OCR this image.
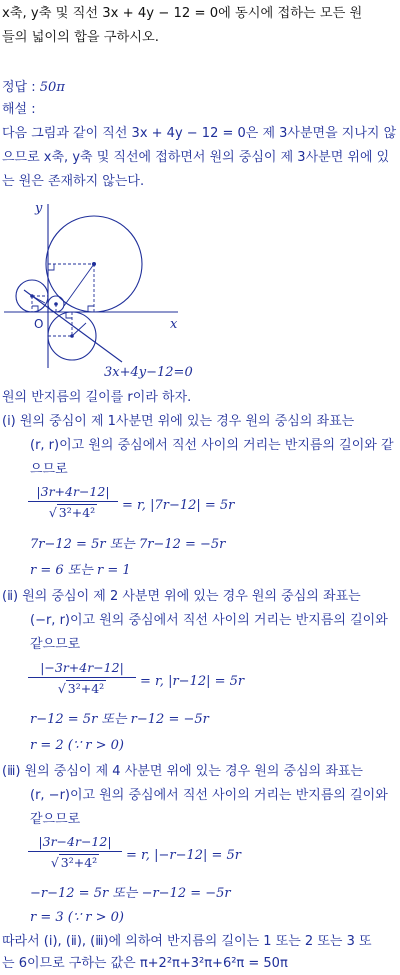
x축, y축 및 직선 3x + 4y − 12 = 0에 동시에 접하는 모든 원
들의 넓이의 합을 구하시오.
정답 : 50π
해설 :
다음 그림과 같이 직선 3x + 4y − 12 = 0은 제 3사분면을 지나지 않
으므로 x축, y축 및 직선에 접하면서 원의 중심이 제 3사분면 위에 있
는 원은 존재하지 않는다.
y
x
O
3x+4y−12=0
원의 반지름의 길이를 r이라 하자.
(ⅰ) 원의 중심이 제 1사분면 위에 있는 경우 원의 중심의 좌표는
(r, r)이고 원의 중심에서 직선 사이의 거리는 반지름의 길이와 같
으므로
$\frac{|3r+4r-12|}{\text{√ 3²+4²}} = r$, |7r−12| = 5r
7r−12 = 5r 또는 7r−12 = −5r
r = 6 또는 r = 1
(ⅱ) 원의 중심이 제 2 사분면 위에 있는 경우 원의 중심의 좌표는
(−r, r)이고 원의 중심에서 직선 사이의 거리는 반지름의 길이와
같으므로
$\frac{|-3r+4r-12|}{\text{√ 3²+4²}} = r$, |r−12| = 5r
r−12 = 5r 또는 r−12 = −5r
r = 2 (∵ r > 0)
(ⅲ) 원의 중심이 제 4 사분면 위에 있는 경우 원의 중심의 좌표는
(r, −r)이고 원의 중심에서 직선 사이의 거리는 반지름의 길이와
같으므로
$\frac{|3r-4r-12|}{\text{√ 3²+4²}} = r$, |−r−12| = 5r
−r−12 = 5r 또는 −r−12 = −5r
r = 3 (∵ r > 0)
따라서 (ⅰ), (ⅱ), (ⅲ)에 의하여 반지름의 길이는 1 또는 2 또는 3 또
는 6이므로 구하는 값은 π+2²π+3²π+6²π = 50π
